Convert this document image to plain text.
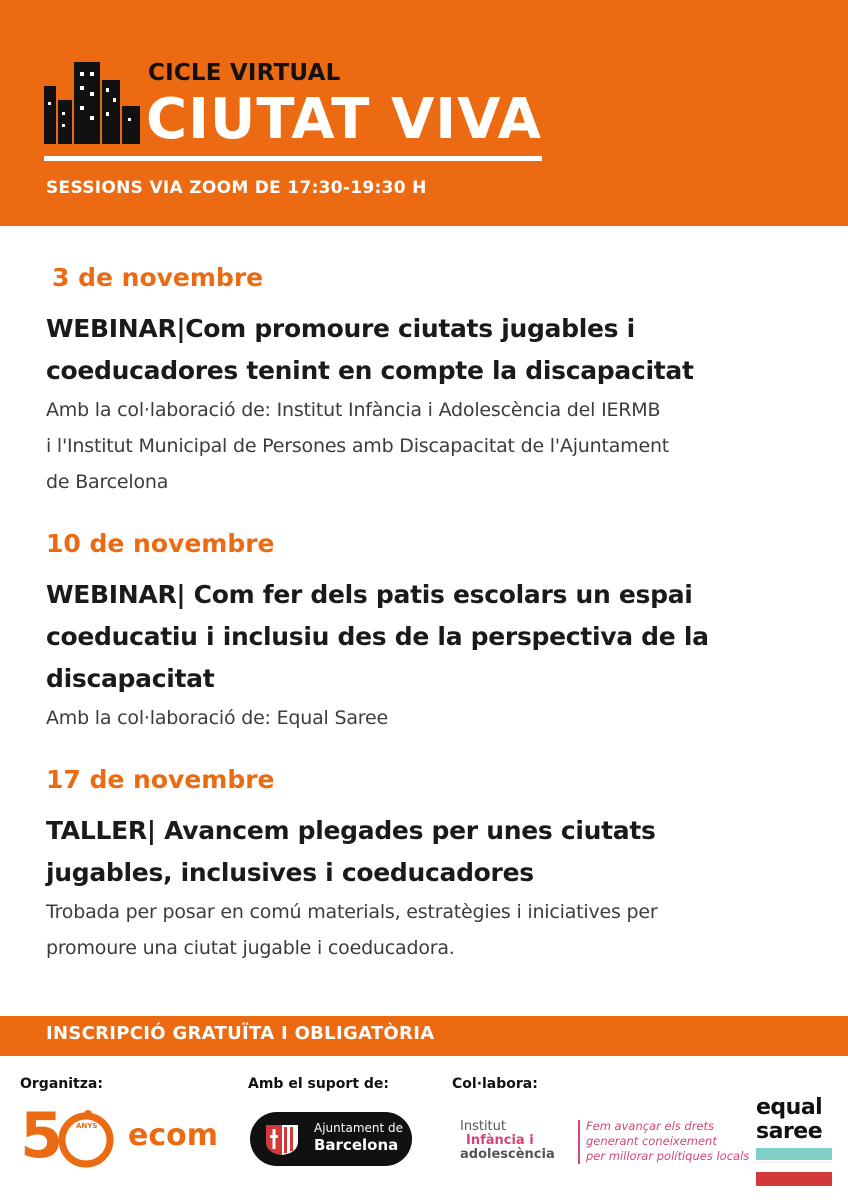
CICLE VIRTUAL
CIUTAT VIVA
SESSIONS VIA ZOOM DE 17:30-19:30 H
3 de novembre
WEBINAR|Com promoure ciutats jugables i
coeducadores tenint en compte la discapacitat
Amb la col·laboració de: Institut Infància i Adolescència del IERMB
i l'Institut Municipal de Persones amb Discapacitat de l'Ajuntament
de Barcelona
10 de novembre
WEBINAR| Com fer dels patis escolars un espai
coeducatiu i inclusiu des de la perspectiva de la
discapacitat
Amb la col·laboració de: Equal Saree
17 de novembre
TALLER| Avancem plegades per unes ciutats
jugables, inclusives i coeducadores
Trobada per posar en comú materials, estratègies i iniciatives per
promoure una ciutat jugable i coeducadora.
INSCRIPCIÓ GRATUÏTA I OBLIGATÒRIA
Organitza:	Amb el suport de:	Col·labora:
5 ANYS ecom	Ajuntament de
Barcelona
Institut
Infància i
adolescència
Fem avançar els drets
generant coneixement
per millorar polítiques locals
equal
saree
